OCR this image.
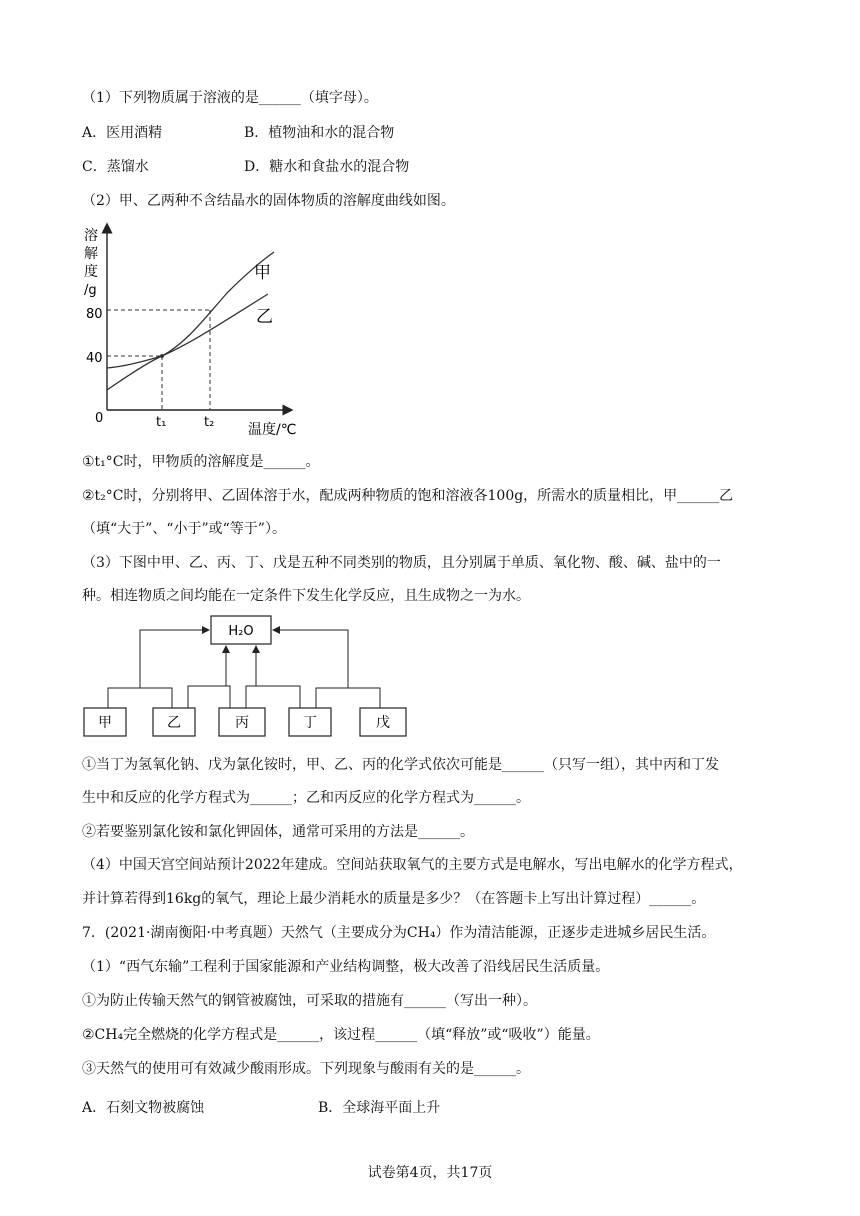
（1）下列物质属于溶液的是______（填字母）。
A．医用酒精	B．植物油和水的混合物
C．蒸馏水	D．糖水和食盐水的混合物
（2）甲、乙两种不含结晶水的固体物质的溶解度曲线如图。
溶
解
度
/g
80
40
0	t₁	t₂ 温度/℃
甲
乙
①t₁°C时，甲物质的溶解度是______。
②t₂°C时，分别将甲、乙固体溶于水，配成两种物质的饱和溶液各100g，所需水的质量相比，甲______乙
（填“大于”、“小于”或“等于”）。
（3）下图中甲、乙、丙、丁、戊是五种不同类别的物质，且分别属于单质、氧化物、酸、碱、盐中的一
种。相连物质之间均能在一定条件下发生化学反应，且生成物之一为水。
H₂O
甲	乙	丙	丁	戊
①当丁为氢氧化钠、戊为氯化铵时，甲、乙、丙的化学式依次可能是______（只写一组），其中丙和丁发
生中和反应的化学方程式为______；乙和丙反应的化学方程式为______。
②若要鉴别氯化铵和氯化钾固体，通常可采用的方法是______。
（4）中国天宫空间站预计2022年建成。空间站获取氧气的主要方式是电解水，写出电解水的化学方程式，
并计算若得到16kg的氧气，理论上最少消耗水的质量是多少？（在答题卡上写出计算过程）______。
7．(2021·湖南衡阳·中考真题）天然气（主要成分为CH₄）作为清洁能源，正逐步走进城乡居民生活。
（1）“西气东输”工程利于国家能源和产业结构调整，极大改善了沿线居民生活质量。
①为防止传输天然气的钢管被腐蚀，可采取的措施有______（写出一种）。
②CH₄完全燃烧的化学方程式是______，该过程______（填“释放”或“吸收”）能量。
③天然气的使用可有效减少酸雨形成。下列现象与酸雨有关的是______。
A．石刻文物被腐蚀	B．全球海平面上升
试卷第4页，共17页
